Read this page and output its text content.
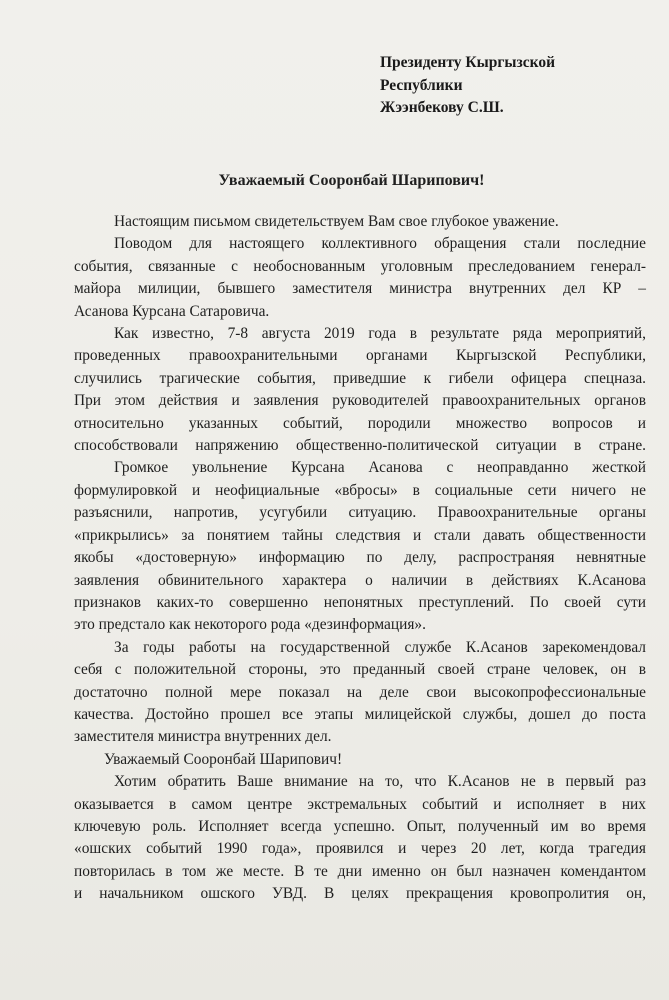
Президенту Кыргызской
Республики
Жээнбекову С.Ш.
Уважаемый Сооронбай Шарипович!
Настоящим письмом свидетельствуем Вам свое глубокое уважение.
Поводом для настоящего коллективного обращения стали последние
события, связанные с необоснованным уголовным преследованием генерал-
майора милиции, бывшего заместителя министра внутренних дел КР –
Асанова Курсана Сатаровича.
Как известно, 7-8 августа 2019 года в результате ряда мероприятий,
проведенных правоохранительными органами Кыргызской Республики,
случились трагические события, приведшие к гибели офицера спецназа.
При этом действия и заявления руководителей правоохранительных органов
относительно указанных событий, породили множество вопросов и
способствовали напряжению общественно-политической ситуации в стране.
Громкое увольнение Курсана Асанова с неоправданно жесткой
формулировкой и неофициальные «вбросы» в социальные сети ничего не
разъяснили, напротив, усугубили ситуацию. Правоохранительные органы
«прикрылись» за понятием тайны следствия и стали давать общественности
якобы «достоверную» информацию по делу, распространяя невнятные
заявления обвинительного характера о наличии в действиях К.Асанова
признаков каких-то совершенно непонятных преступлений. По своей сути
это предстало как некоторого рода «дезинформация».
За годы работы на государственной службе К.Асанов зарекомендовал
себя с положительной стороны, это преданный своей стране человек, он в
достаточно полной мере показал на деле свои высокопрофессиональные
качества. Достойно прошел все этапы милицейской службы, дошел до поста
заместителя министра внутренних дел.
Уважаемый Сооронбай Шарипович!
Хотим обратить Ваше внимание на то, что К.Асанов не в первый раз
оказывается в самом центре экстремальных событий и исполняет в них
ключевую роль. Исполняет всегда успешно. Опыт, полученный им во время
«ошских событий 1990 года», проявился и через 20 лет, когда трагедия
повторилась в том же месте. В те дни именно он был назначен комендантом
и начальником ошского УВД. В целях прекращения кровопролития он,
